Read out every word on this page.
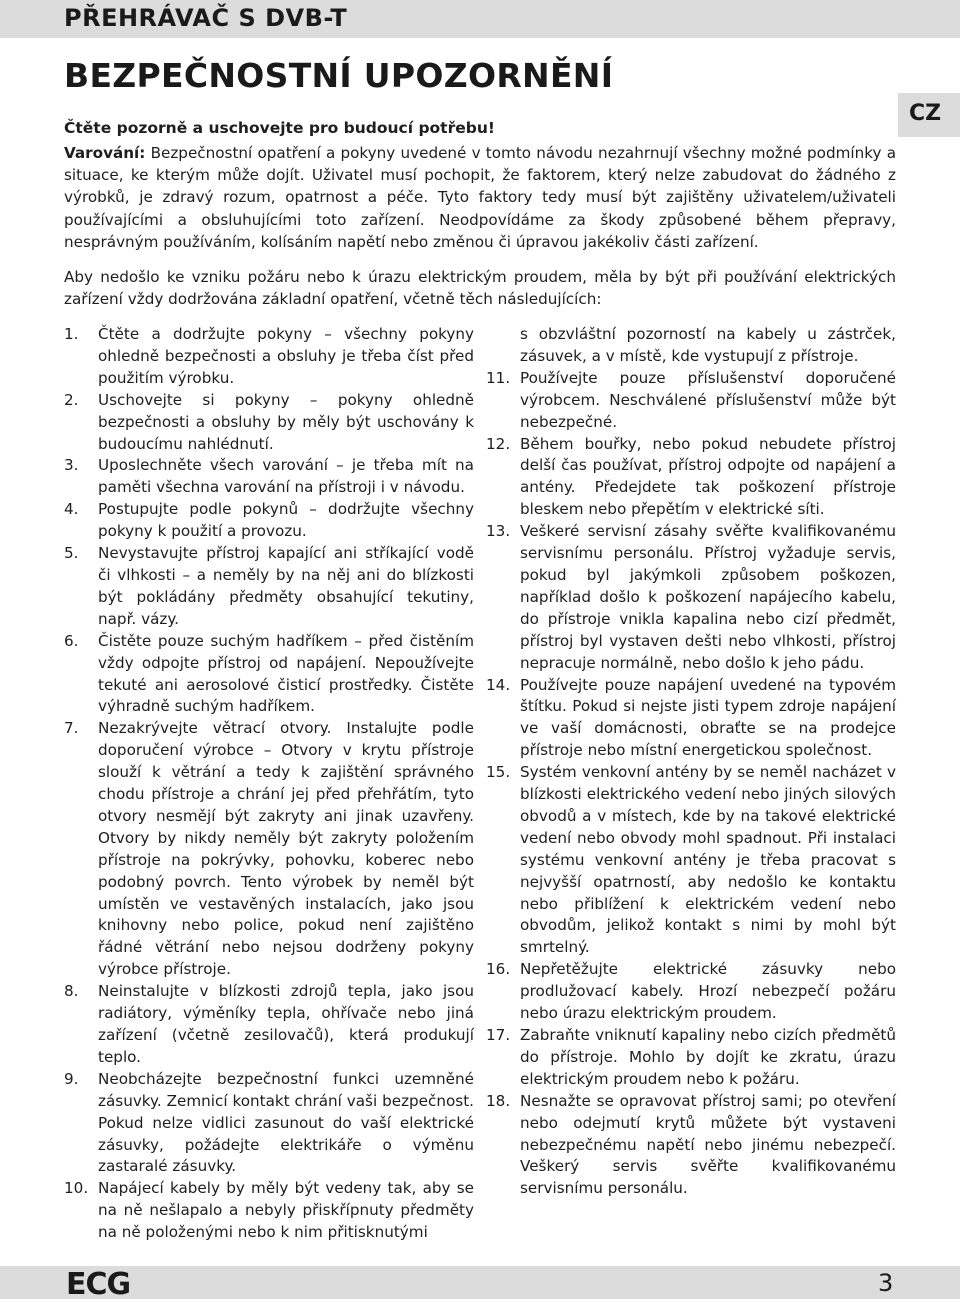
PŘEHRÁVAČ S DVB-T
BEZPEČNOSTNÍ UPOZORNĚNÍ
CZ
Čtěte pozorně a uschovejte pro budoucí potřebu!
Varování: Bezpečnostní opatření a pokyny uvedené v tomto návodu nezahrnují všechny možné podmínky a situace, ke kterým může dojít. Uživatel musí pochopit, že faktorem, který nelze zabudovat do žádného z výrobků, je zdravý rozum, opatrnost a péče. Tyto faktory tedy musí být zajištěny uživatelem/uživateli používajícími a obsluhujícími toto zařízení. Neodpovídáme za škody způsobené během přepravy, nesprávným používáním, kolísáním napětí nebo změnou či úpravou jakékoliv části zařízení.
Aby nedošlo ke vzniku požáru nebo k úrazu elektrickým proudem, měla by být při používání elektrických zařízení vždy dodržována základní opatření, včetně těch následujících:
1. Čtěte a dodržujte pokyny – všechny pokyny ohledně bezpečnosti a obsluhy je třeba číst před použitím výrobku.
2. Uschovejte si pokyny – pokyny ohledně bezpečnosti a obsluhy by měly být uschovány k budoucímu nahlédnutí.
3. Uposlechněte všech varování – je třeba mít na paměti všechna varování na přístroji i v návodu.
4. Postupujte podle pokynů – dodržujte všechny pokyny k použití a provozu.
5. Nevystavujte přístroj kapající ani stříkající vodě či vlhkosti – a neměly by na něj ani do blízkosti být pokládány předměty obsahující tekutiny, např. vázy.
6. Čistěte pouze suchým hadříkem – před čistěním vždy odpojte přístroj od napájení. Nepoužívejte tekuté ani aerosolové čisticí prostředky. Čistěte výhradně suchým hadříkem.
7. Nezakrývejte větrací otvory. Instalujte podle doporučení výrobce – Otvory v krytu přístroje slouží k větrání a tedy k zajištění správného chodu přístroje a chrání jej před přehřátím, tyto otvory nesmějí být zakryty ani jinak uzavřeny. Otvory by nikdy neměly být zakryty položením přístroje na pokrývky, pohovku, koberec nebo podobný povrch. Tento výrobek by neměl být umístěn ve vestavěných instalacích, jako jsou knihovny nebo police, pokud není zajištěno řádné větrání nebo nejsou dodrženy pokyny výrobce přístroje.
8. Neinstalujte v blízkosti zdrojů tepla, jako jsou radiátory, výměníky tepla, ohřívače nebo jiná zařízení (včetně zesilovačů), která produkují teplo.
9. Neobcházejte bezpečnostní funkci uzemněné zásuvky. Zemnicí kontakt chrání vaši bezpečnost. Pokud nelze vidlici zasunout do vaší elektrické zásuvky, požádejte elektrikáře o výměnu zastaralé zásuvky.
10. Napájecí kabely by měly být vedeny tak, aby se na ně nešlapalo a nebyly přiskřípnuty předměty na ně položenými nebo k nim přitisknutými
s obzvláštní pozorností na kabely u zástrček, zásuvek, a v místě, kde vystupují z přístroje.
11. Používejte pouze příslušenství doporučené výrobcem. Neschválené příslušenství může být nebezpečné.
12. Během bouřky, nebo pokud nebudete přístroj delší čas používat, přístroj odpojte od napájení a antény. Předejdete tak poškození přístroje bleskem nebo přepětím v elektrické síti.
13. Veškeré servisní zásahy svěřte kvalifikovanému servisnímu personálu. Přístroj vyžaduje servis, pokud byl jakýmkoli způsobem poškozen, například došlo k poškození napájecího kabelu, do přístroje vnikla kapalina nebo cizí předmět, přístroj byl vystaven dešti nebo vlhkosti, přístroj nepracuje normálně, nebo došlo k jeho pádu.
14. Používejte pouze napájení uvedené na typovém štítku. Pokud si nejste jisti typem zdroje napájení ve vaší domácnosti, obraťte se na prodejce přístroje nebo místní energetickou společnost.
15. Systém venkovní antény by se neměl nacházet v blízkosti elektrického vedení nebo jiných silových obvodů a v místech, kde by na takové elektrické vedení nebo obvody mohl spadnout. Při instalaci systému venkovní antény je třeba pracovat s nejvyšší opatrností, aby nedošlo ke kontaktu nebo přiblížení k elektrickém vedení nebo obvodům, jelikož kontakt s nimi by mohl být smrtelný.
16. Nepřetěžujte elektrické zásuvky nebo prodlužovací kabely. Hrozí nebezpečí požáru nebo úrazu elektrickým proudem.
17. Zabraňte vniknutí kapaliny nebo cizích předmětů do přístroje. Mohlo by dojít ke zkratu, úrazu elektrickým proudem nebo k požáru.
18. Nesnažte se opravovat přístroj sami; po otevření nebo odejmutí krytů můžete být vystaveni nebezpečnému napětí nebo jinému nebezpečí. Veškerý servis svěřte kvalifikovanému servisnímu personálu.
ECG	3
